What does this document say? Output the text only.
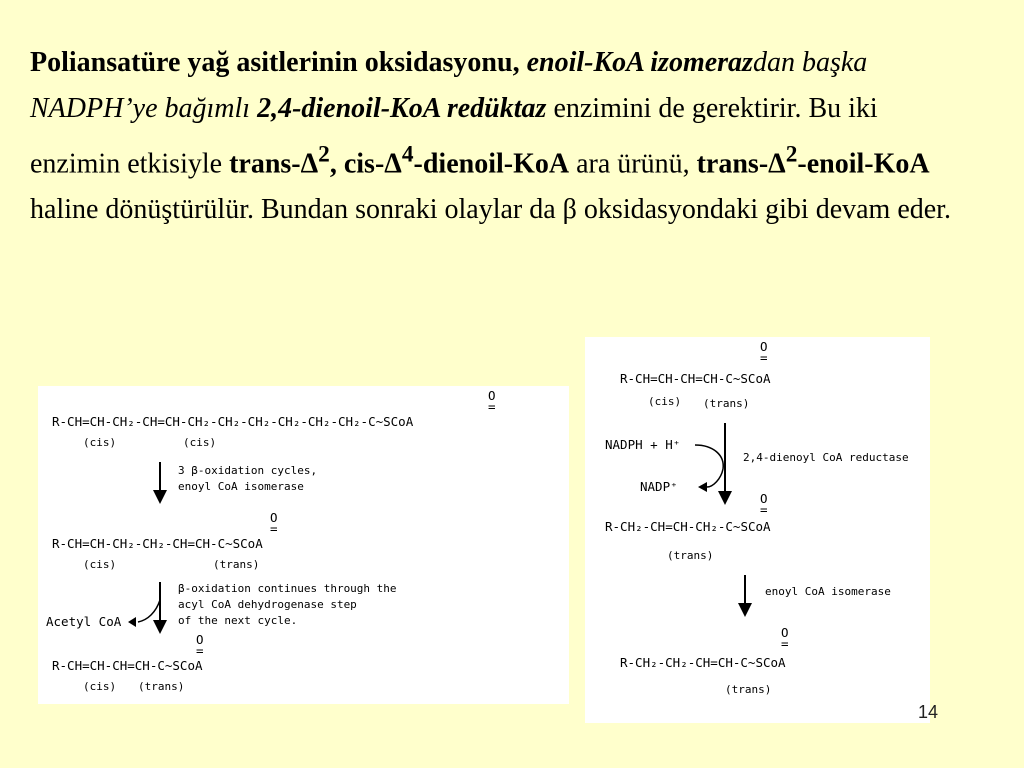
Poliansatüre yağ asitlerinin oksidasyonu, enoil-KoA izomerazdan başka NADPH’ye bağımlı 2,4-dienoil-KoA redüktaz enzimini de gerektirir. Bu iki enzimin etkisiyle trans-$\Delta^2$, cis-$\Delta^4-dienoil$-KoA ara ürünü, trans-$\Delta^2-enoil$-KoA haline dönüştürülür. Bundan sonraki olaylar da β oksidasyondaki gibi devam eder.
O
=
R-CH=CH-CH₂-CH=CH-CH₂-CH₂-CH₂-CH₂-CH₂-CH₂-C~SCoA
(cis)	(cis)
3 β-oxidation cycles,
enoyl CoA isomerase
O
=
R-CH=CH-CH₂-CH₂-CH=CH-C~SCoA
(cis)	(trans)
β-oxidation continues through the
acyl CoA dehydrogenase step
of the next cycle.
Acetyl CoA
O
=
R-CH=CH-CH=CH-C~SCoA
(cis) (trans)
O
=
R-CH=CH-CH=CH-C~SCoA
(cis) (trans)
NADPH + H⁺
NADP⁺
2,4-dienoyl CoA reductase
O
=
R-CH₂-CH=CH-CH₂-C~SCoA
(trans)
enoyl CoA isomerase
O
=
R-CH₂-CH₂-CH=CH-C~SCoA
(trans)
14
